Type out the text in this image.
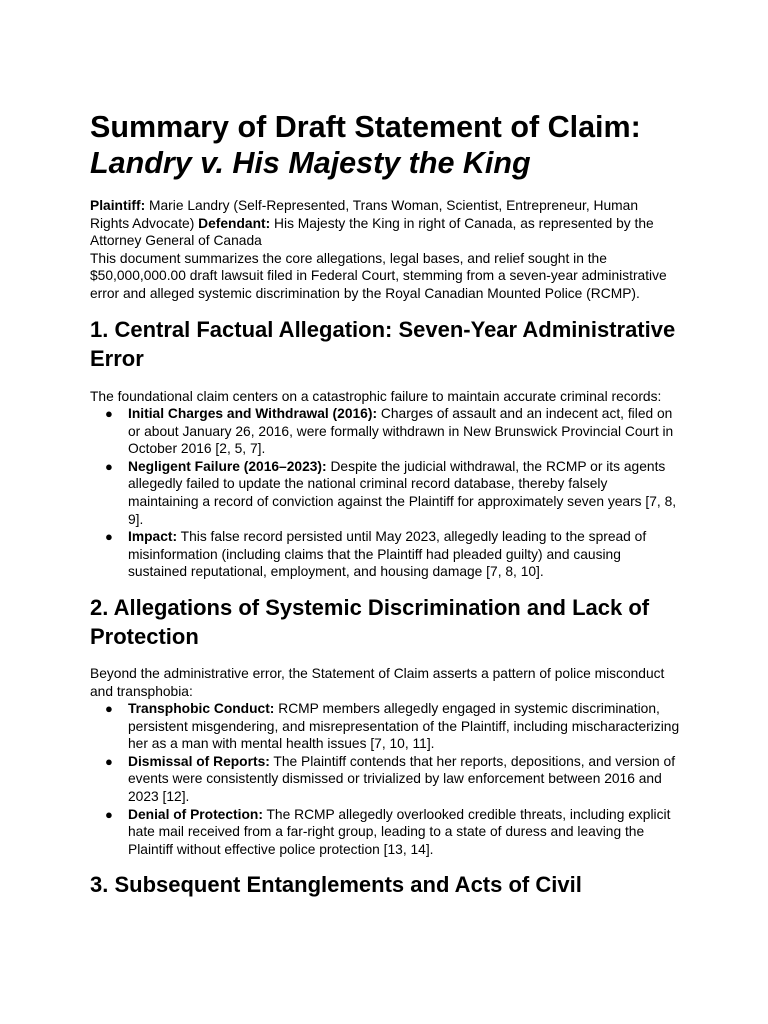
Summary of Draft Statement of Claim:
Landry v. His Majesty the King

Plaintiff: Marie Landry (Self-Represented, Trans Woman, Scientist, Entrepreneur, Human Rights Advocate) Defendant: His Majesty the King in right of Canada, as represented by the Attorney General of Canada

This document summarizes the core allegations, legal bases, and relief sought in the $50,000,000.00 draft lawsuit filed in Federal Court, stemming from a seven-year administrative error and alleged systemic discrimination by the Royal Canadian Mounted Police (RCMP).

1. Central Factual Allegation: Seven-Year Administrative Error

The foundational claim centers on a catastrophic failure to maintain accurate criminal records:

● Initial Charges and Withdrawal (2016): Charges of assault and an indecent act, filed on or about January 26, 2016, were formally withdrawn in New Brunswick Provincial Court in October 2016 [2, 5, 7].
● Negligent Failure (2016–2023): Despite the judicial withdrawal, the RCMP or its agents allegedly failed to update the national criminal record database, thereby falsely maintaining a record of conviction against the Plaintiff for approximately seven years [7, 8, 9].
● Impact: This false record persisted until May 2023, allegedly leading to the spread of misinformation (including claims that the Plaintiff had pleaded guilty) and causing sustained reputational, employment, and housing damage [7, 8, 10].
2. Allegations of Systemic Discrimination and Lack of Protection

Beyond the administrative error, the Statement of Claim asserts a pattern of police misconduct and transphobia:

● Transphobic Conduct: RCMP members allegedly engaged in systemic discrimination, persistent misgendering, and misrepresentation of the Plaintiff, including mischaracterizing her as a man with mental health issues [7, 10, 11].
● Dismissal of Reports: The Plaintiff contends that her reports, depositions, and version of events were consistently dismissed or trivialized by law enforcement between 2016 and 2023 [12].
● Denial of Protection: The RCMP allegedly overlooked credible threats, including explicit hate mail received from a far-right group, leading to a state of duress and leaving the Plaintiff without effective police protection [13, 14].
3. Subsequent Entanglements and Acts of Civil
